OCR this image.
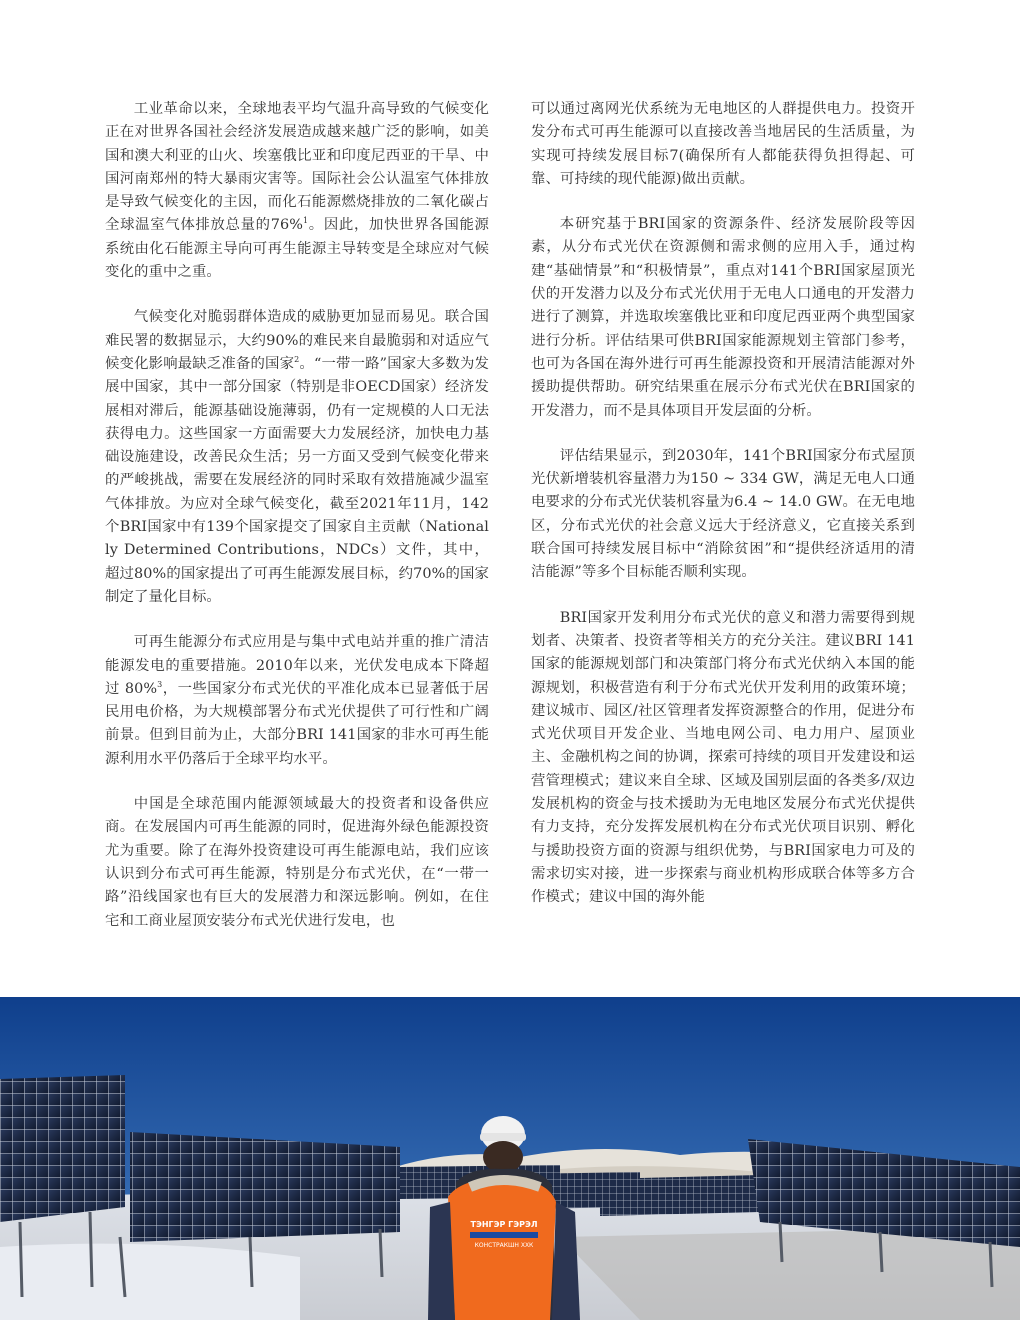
工业革命以来，全球地表平均气温升高导致的气候变化正在对世界各国社会经济发展造成越来越广泛的影响，如美国和澳大利亚的山火、埃塞俄比亚和印度尼西亚的干旱、中国河南郑州的特大暴雨灾害等。国际社会公认温室气体排放是导致气候变化的主因，而化石能源燃烧排放的二氧化碳占全球温室气体排放总量的76%$^1$。因此，加快世界各国能源系统由化石能源主导向可再生能源主导转变是全球应对气候变化的重中之重。

气候变化对脆弱群体造成的威胁更加显而易见。联合国难民署的数据显示，大约90%的难民来自最脆弱和对适应气候变化影响最缺乏准备的国家$^2$。“一带一路”国家大多数为发展中国家，其中一部分国家（特别是非OECD国家）经济发展相对滞后，能源基础设施薄弱，仍有一定规模的人口无法获得电力。这些国家一方面需要大力发展经济，加快电力基础设施建设，改善民众生活；另一方面又受到气候变化带来的严峻挑战，需要在发展经济的同时采取有效措施减少温室气体排放。为应对全球气候变化，截至2021年11月，142个BRI国家中有139个国家提交了国家自主贡献（Nationally Determined Contributions，NDCs）文件，其中，超过80%的国家提出了可再生能源发展目标，约70%的国家制定了量化目标。

可再生能源分布式应用是与集中式电站并重的推广清洁能源发电的重要措施。2010年以来，光伏发电成本下降超过 80%$^3$，一些国家分布式光伏的平准化成本已显著低于居民用电价格，为大规模部署分布式光伏提供了可行性和广阔前景。但到目前为止，大部分BRI 141国家的非水可再生能源利用水平仍落后于全球平均水平。

中国是全球范围内能源领域最大的投资者和设备供应商。在发展国内可再生能源的同时，促进海外绿色能源投资尤为重要。除了在海外投资建设可再生能源电站，我们应该认识到分布式可再生能源，特别是分布式光伏，在“一带一路”沿线国家也有巨大的发展潜力和深远影响。例如，在住宅和工商业屋顶安装分布式光伏进行发电，也

可以通过离网光伏系统为无电地区的人群提供电力。投资开发分布式可再生能源可以直接改善当地居民的生活质量，为实现可持续发展目标7(确保所有人都能获得负担得起、可靠、可持续的现代能源)做出贡献。

本研究基于BRI国家的资源条件、经济发展阶段等因素，从分布式光伏在资源侧和需求侧的应用入手，通过构建“基础情景”和“积极情景”，重点对141个BRI国家屋顶光伏的开发潜力以及分布式光伏用于无电人口通电的开发潜力进行了测算，并选取埃塞俄比亚和印度尼西亚两个典型国家进行分析。评估结果可供BRI国家能源规划主管部门参考，也可为各国在海外进行可再生能源投资和开展清洁能源对外援助提供帮助。研究结果重在展示分布式光伏在BRI国家的开发潜力，而不是具体项目开发层面的分析。

评估结果显示，到2030年，141个BRI国家分布式屋顶光伏新增装机容量潜力为150 ~ 334 GW，满足无电人口通电要求的分布式光伏装机容量为6.4 ~ 14.0 GW。在无电地区，分布式光伏的社会意义远大于经济意义，它直接关系到联合国可持续发展目标中“消除贫困”和“提供经济适用的清洁能源”等多个目标能否顺利实现。

BRI国家开发利用分布式光伏的意义和潜力需要得到规划者、决策者、投资者等相关方的充分关注。建议BRI 141国家的能源规划部门和决策部门将分布式光伏纳入本国的能源规划，积极营造有利于分布式光伏开发利用的政策环境；建议城市、园区/社区管理者发挥资源整合的作用，促进分布式光伏项目开发企业、当地电网公司、电力用户、屋顶业主、金融机构之间的协调，探索可持续的项目开发建设和运营管理模式；建议来自全球、区域及国别层面的各类多/双边发展机构的资金与技术援助为无电地区发展分布式光伏提供有力支持，充分发挥发展机构在分布式光伏项目识别、孵化与援助投资方面的资源与组织优势，与BRI国家电力可及的需求切实对接，进一步探索与商业机构形成联合体等多方合作模式；建议中国的海外能

ТЭНГЭР ГЭРЭЛ
КОНСТРАКШН ХХК
